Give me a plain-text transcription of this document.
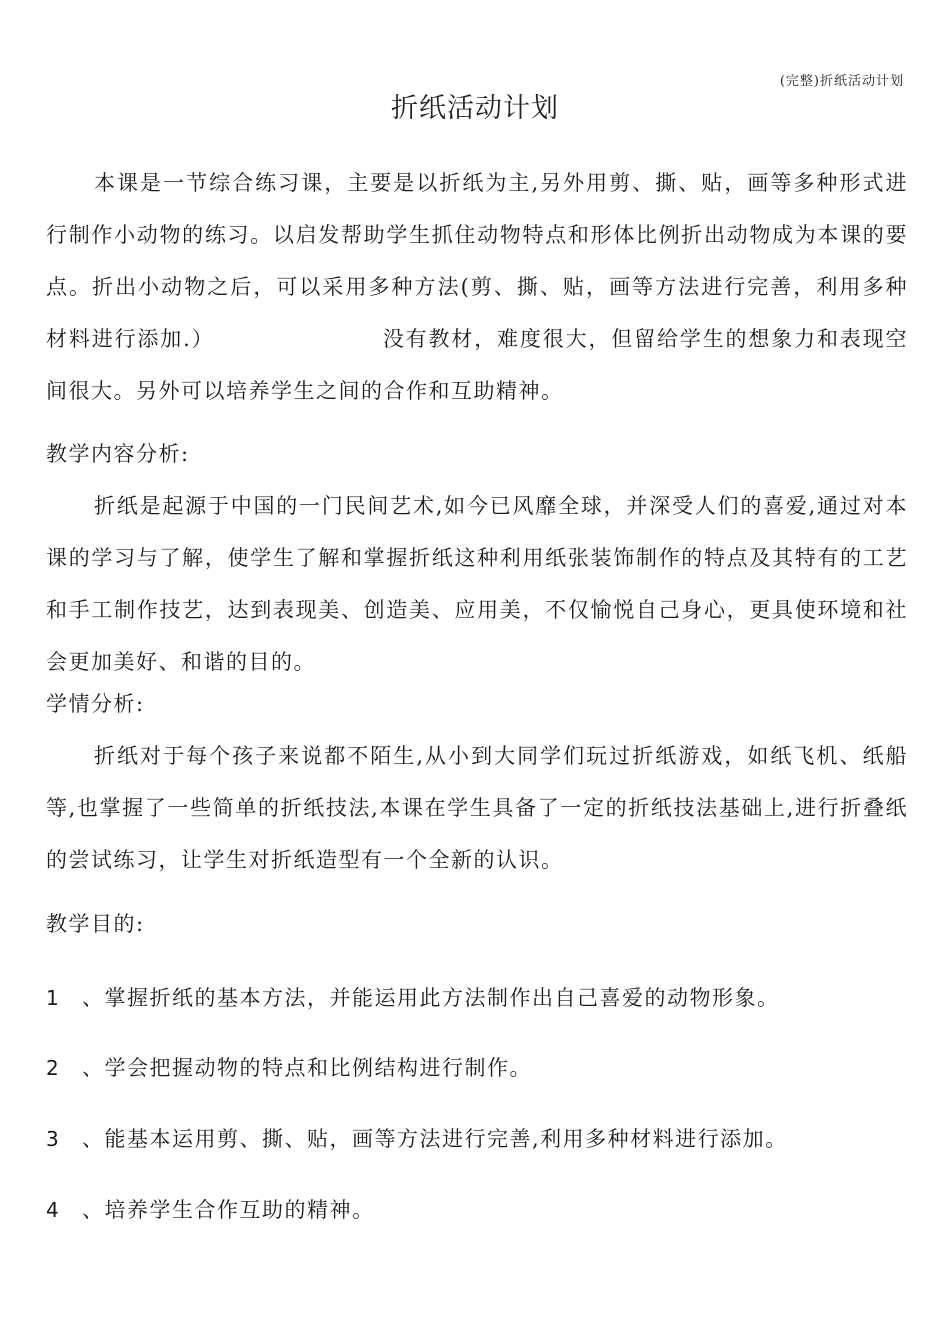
(完整)折纸活动计划
折纸活动计划

本课是一节综合练习课，主要是以折纸为主,另外用剪、撕、贴，画等多种形式进行制作小动物的练习。以启发帮助学生抓住动物特点和形体比例折出动物成为本课的要点。折出小动物之后，可以采用多种方法(剪、撕、贴，画等方法进行完善，利用多种材料进行添加.）	没有教材，难度很大，但留给学生的想象力和表现空间很大。另外可以培养学生之间的合作和互助精神。

教学内容分析:

折纸是起源于中国的一门民间艺术,如今已风靡全球，并深受人们的喜爱,通过对本课的学习与了解，使学生了解和掌握折纸这种利用纸张装饰制作的特点及其特有的工艺和手工制作技艺，达到表现美、创造美、应用美，不仅愉悦自己身心，更具使环境和社会更加美好、和谐的目的。

学情分析:

折纸对于每个孩子来说都不陌生,从小到大同学们玩过折纸游戏，如纸飞机、纸船等,也掌握了一些简单的折纸技法,本课在学生具备了一定的折纸技法基础上,进行折叠纸的尝试练习，让学生对折纸造型有一个全新的认识。

教学目的:

1 、掌握折纸的基本方法，并能运用此方法制作出自己喜爱的动物形象。
2 、学会把握动物的特点和比例结构进行制作。
3 、能基本运用剪、撕、贴，画等方法进行完善,利用多种材料进行添加。
4 、培养学生合作互助的精神。
